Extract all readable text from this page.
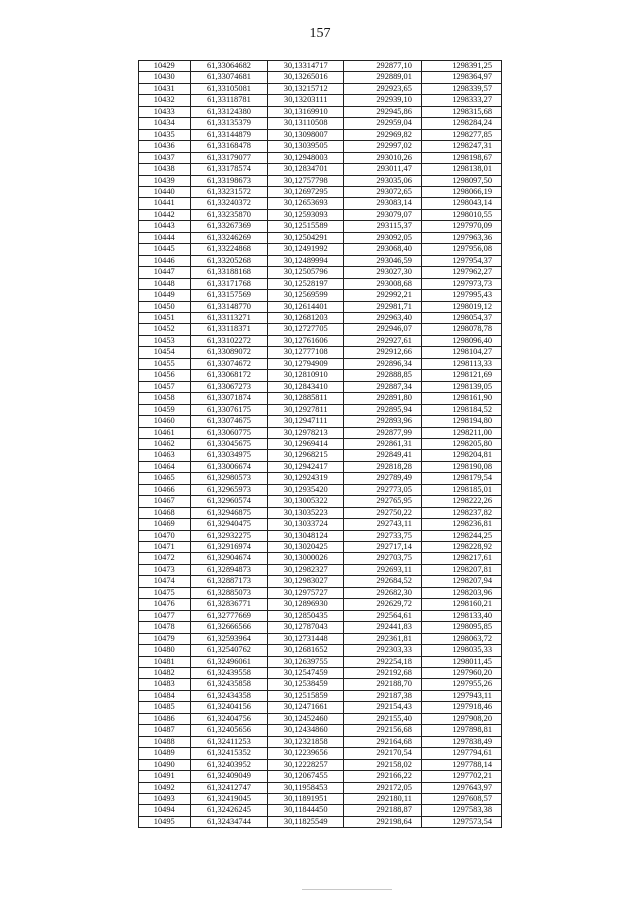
157
10429	61,33064682	30,13314717	292877,10	1298391,25
10430	61,33074681	30,13265016	292889,01	1298364,97
10431	61,33105081	30,13215712	292923,65	1298339,57
10432	61,33118781	30,13203111	292939,10	1298333,27
10433	61,33124380	30,13169910	292945,86	1298315,68
10434	61,33135379	30,13110508	292959,04	1298284,24
10435	61,33144879	30,13098007	292969,82	1298277,85
10436	61,33168478	30,13039505	292997,02	1298247,31
10437	61,33179077	30,12948003	293010,26	1298198,67
10438	61,33178574	30,12834701	293011,47	1298138,01
10439	61,33198673	30,12757798	293035,06	1298097,50
10440	61,33231572	30,12697295	293072,65	1298066,19
10441	61,33240372	30,12653693	293083,14	1298043,14
10442	61,33235870	30,12593093	293079,07	1298010,55
10443	61,33267369	30,12515589	293115,37	1297970,09
10444	61,33246269	30,12504291	293092,05	1297963,36
10445	61,33224868	30,12491992	293068,40	1297956,08
10446	61,33205268	30,12489994	293046,59	1297954,37
10447	61,33188168	30,12505796	293027,30	1297962,27
10448	61,33171768	30,12528197	293008,68	1297973,73
10449	61,33157569	30,12569599	292992,21	1297995,43
10450	61,33148770	30,12614401	292981,71	1298019,12
10451	61,33113271	30,12681203	292963,40	1298054,37
10452	61,33118371	30,12727705	292946,07	1298078,78
10453	61,33102272	30,12761606	292927,61	1298096,40
10454	61,33089072	30,12777108	292912,66	1298104,27
10455	61,33074672	30,12794909	292896,34	1298113,33
10456	61,33068172	30,12810910	292888,85	1298121,69
10457	61,33067273	30,12843410	292887,34	1298139,05
10458	61,33071874	30,12885811	292891,80	1298161,90
10459	61,33076175	30,12927811	292895,94	1298184,52
10460	61,33074675	30,12947111	292893,96	1298194,80
10461	61,33060775	30,12978213	292877,99	1298211,00
10462	61,33045675	30,12969414	292861,31	1298205,80
10463	61,33034975	30,12968215	292849,41	1298204,81
10464	61,33006674	30,12942417	292818,28	1298190,08
10465	61,32980573	30,12924319	292789,49	1298179,54
10466	61,32965973	30,12935420	292773,05	1298185,01
10467	61,32960574	30,13005322	292765,95	1298222,26
10468	61,32946875	30,13035223	292750,22	1298237,82
10469	61,32940475	30,13033724	292743,11	1298236,81
10470	61,32932275	30,13048124	292733,75	1298244,25
10471	61,32916974	30,13020425	292717,14	1298228,92
10472	61,32904674	30,13000026	292703,75	1298217,61
10473	61,32894873	30,12982327	292693,11	1298207,81
10474	61,32887173	30,12983027	292684,52	1298207,94
10475	61,32885073	30,12975727	292682,30	1298203,96
10476	61,32836771	30,12896930	292629,72	1298160,21
10477	61,32777669	30,12850435	292564,61	1298133,40
10478	61,32666566	30,12787043	292441,83	1298095,85
10479	61,32593964	30,12731448	292361,81	1298063,72
10480	61,32540762	30,12681652	292303,33	1298035,33
10481	61,32496061	30,12639755	292254,18	1298011,45
10482	61,32439558	30,12547459	292192,68	1297960,20
10483	61,32435858	30,12538459	292188,70	1297955,26
10484	61,32434358	30,12515859	292187,38	1297943,11
10485	61,32404156	30,12471661	292154,43	1297918,46
10486	61,32404756	30,12452460	292155,40	1297908,20
10487	61,32405656	30,12434860	292156,68	1297898,81
10488	61,32411253	30,12321858	292164,68	1297838,49
10489	61,32415352	30,12239656	292170,54	1297794,61
10490	61,32403952	30,12228257	292158,02	1297788,14
10491	61,32409049	30,12067455	292166,22	1297702,21
10492	61,32412747	30,11958453	292172,05	1297643,97
10493	61,32419045	30,11891951	292180,11	1297608,57
10494	61,32426245	30,11844450	292188,87	1297583,38
10495	61,32434744	30,11825549	292198,64	1297573,54
